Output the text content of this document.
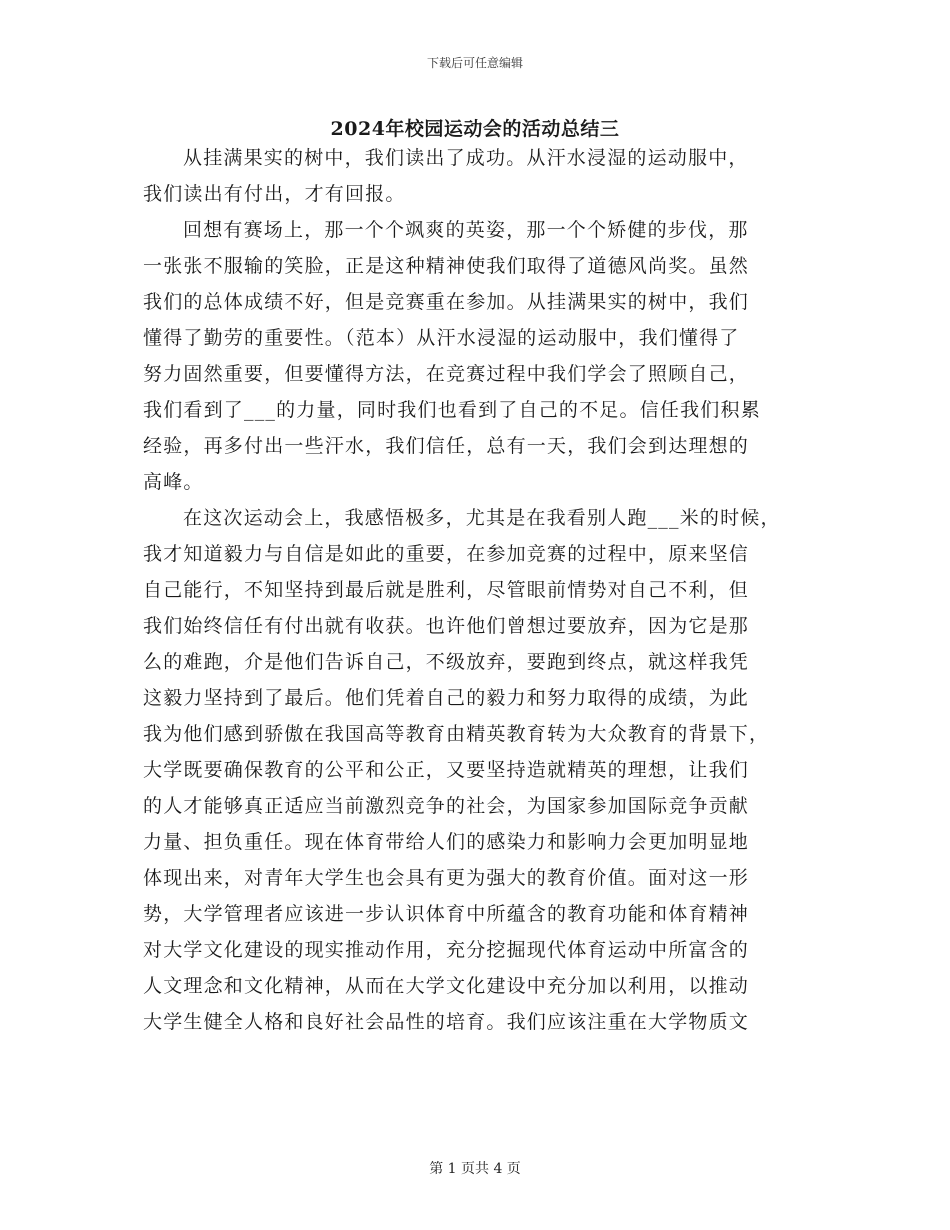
下载后可任意编辑
2024年校园运动会的活动总结三
从挂满果实的树中，我们读出了成功。从汗水浸湿的运动服中，
我们读出有付出，才有回报。
回想有赛场上，那一个个飒爽的英姿，那一个个矫健的步伐，那
一张张不服输的笑脸，正是这种精神使我们取得了道德风尚奖。虽然
我们的总体成绩不好，但是竞赛重在参加。从挂满果实的树中，我们
懂得了勤劳的重要性。（范本）从汗水浸湿的运动服中，我们懂得了
努力固然重要，但要懂得方法，在竞赛过程中我们学会了照顾自己，
我们看到了___的力量，同时我们也看到了自己的不足。信任我们积累
经验，再多付出一些汗水，我们信任，总有一天，我们会到达理想的
高峰。
在这次运动会上，我感悟极多，尤其是在我看别人跑___米的时候，
我才知道毅力与自信是如此的重要，在参加竞赛的过程中，原来坚信
自己能行，不知坚持到最后就是胜利，尽管眼前情势对自己不利，但
我们始终信任有付出就有收获。也许他们曾想过要放弃，因为它是那
么的难跑，介是他们告诉自己，不级放弃，要跑到终点，就这样我凭
这毅力坚持到了最后。他们凭着自己的毅力和努力取得的成绩，为此
我为他们感到骄傲在我国高等教育由精英教育转为大众教育的背景下，
大学既要确保教育的公平和公正，又要坚持造就精英的理想，让我们
的人才能够真正适应当前激烈竞争的社会，为国家参加国际竞争贡献
力量、担负重任。现在体育带给人们的感染力和影响力会更加明显地
体现出来，对青年大学生也会具有更为强大的教育价值。面对这一形
势，大学管理者应该进一步认识体育中所蕴含的教育功能和体育精神
对大学文化建设的现实推动作用，充分挖掘现代体育运动中所富含的
人文理念和文化精神，从而在大学文化建设中充分加以利用，以推动
大学生健全人格和良好社会品性的培育。我们应该注重在大学物质文
第 1 页共 4 页
